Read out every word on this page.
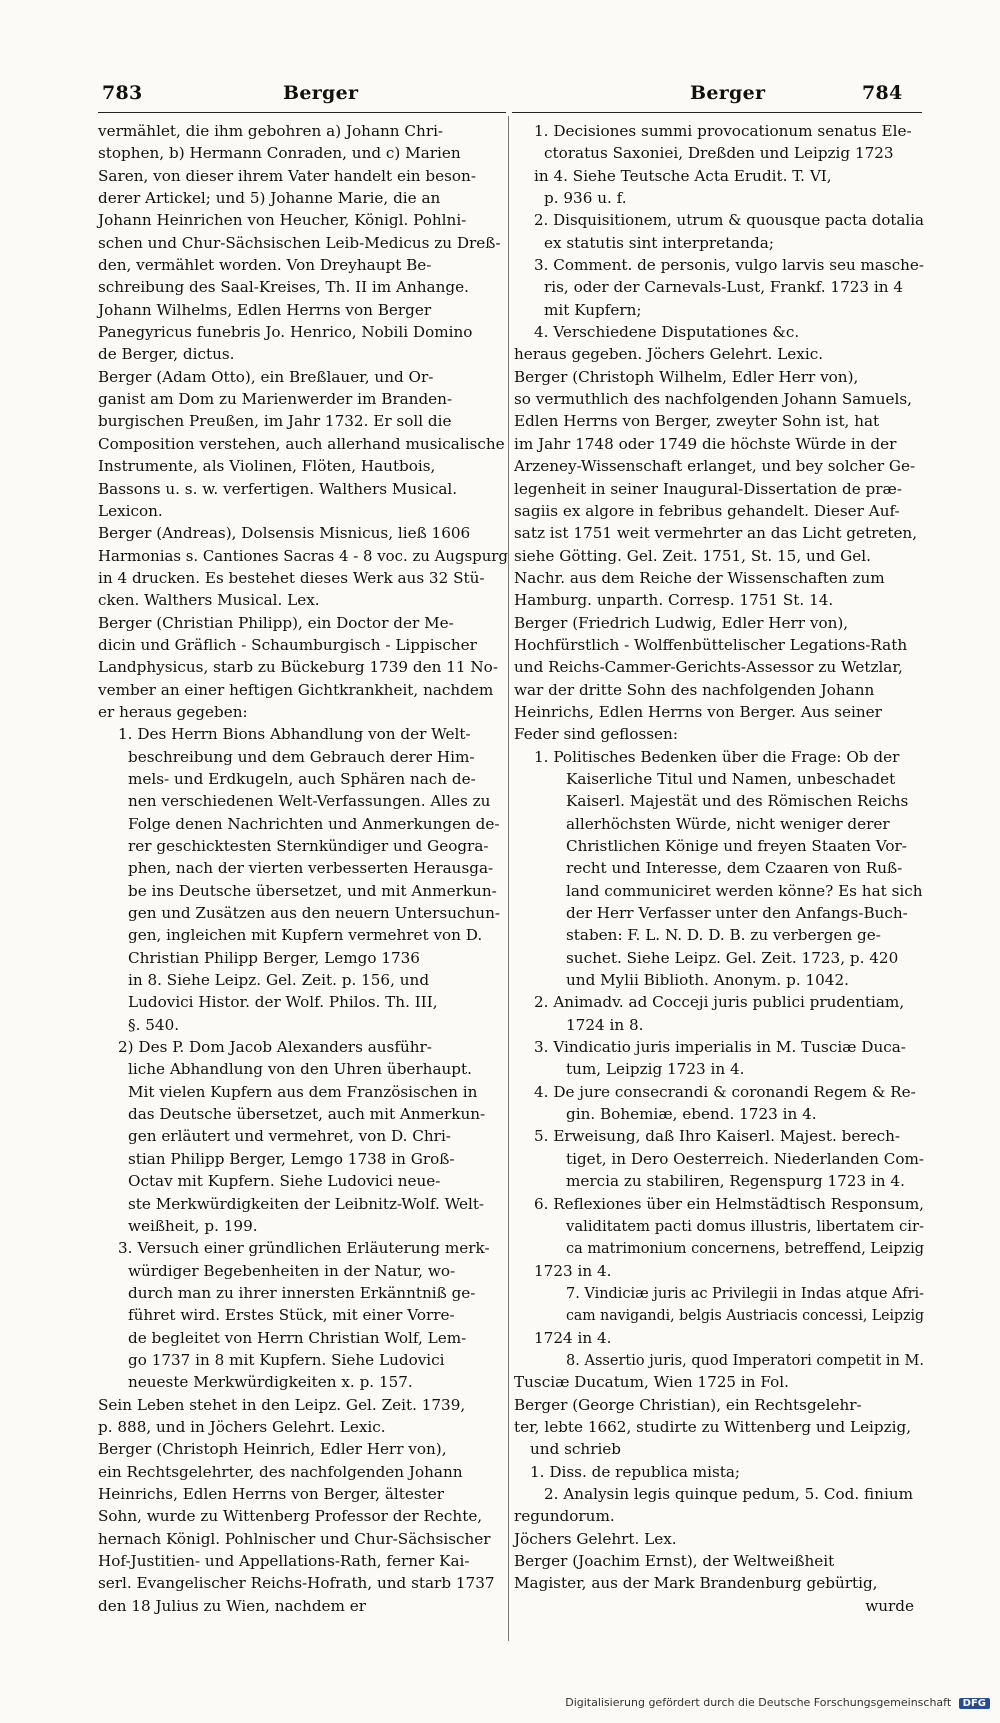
783	Berger	Berger	784
vermählet, die ihm gebohren a) Johann Chri-
stophen, b) Hermann Conraden, und c) Marien
Saren, von dieser ihrem Vater handelt ein beson-
derer Artickel; und 5) Johanne Marie, die an
Johann Heinrichen von Heucher, Königl. Pohlni-
schen und Chur-Sächsischen Leib-Medicus zu Dreß-
den, vermählet worden. Von Dreyhaupt Be-
schreibung des Saal-Kreises, Th. II im Anhange.
Johann Wilhelms, Edlen Herrns von Berger
Panegyricus funebris Jo. Henrico, Nobili Domino
de Berger, dictus.
Berger (Adam Otto), ein Breßlauer, und Or-
ganist am Dom zu Marienwerder im Branden-
burgischen Preußen, im Jahr 1732. Er soll die
Composition verstehen, auch allerhand musicalische
Instrumente, als Violinen, Flöten, Hautbois,
Bassons u. s. w. verfertigen. Walthers Musical.
Lexicon.
Berger (Andreas), Dolsensis Misnicus, ließ 1606
Harmonias s. Cantiones Sacras 4 - 8 voc. zu Augspurg
in 4 drucken. Es bestehet dieses Werk aus 32 Stü-
cken. Walthers Musical. Lex.
Berger (Christian Philipp), ein Doctor der Me-
dicin und Gräflich - Schaumburgisch - Lippischer
Landphysicus, starb zu Bückeburg 1739 den 11 No-
vember an einer heftigen Gichtkrankheit, nachdem
er heraus gegeben:
1. Des Herrn Bions Abhandlung von der Welt-
beschreibung und dem Gebrauch derer Him-
mels- und Erdkugeln, auch Sphären nach de-
nen verschiedenen Welt-Verfassungen. Alles zu
Folge denen Nachrichten und Anmerkungen de-
rer geschicktesten Sternkündiger und Geogra-
phen, nach der vierten verbesserten Herausga-
be ins Deutsche übersetzet, und mit Anmerkun-
gen und Zusätzen aus den neuern Untersuchun-
gen, ingleichen mit Kupfern vermehret von D.
Christian Philipp Berger, Lemgo 1736
in 8. Siehe Leipz. Gel. Zeit. p. 156, und
Ludovici Histor. der Wolf. Philos. Th. III,
§. 540.
2) Des P. Dom Jacob Alexanders ausführ-
liche Abhandlung von den Uhren überhaupt.
Mit vielen Kupfern aus dem Französischen in
das Deutsche übersetzet, auch mit Anmerkun-
gen erläutert und vermehret, von D. Chri-
stian Philipp Berger, Lemgo 1738 in Groß-
Octav mit Kupfern. Siehe Ludovici neue-
ste Merkwürdigkeiten der Leibnitz-Wolf. Welt-
weißheit, p. 199.
3. Versuch einer gründlichen Erläuterung merk-
würdiger Begebenheiten in der Natur, wo-
durch man zu ihrer innersten Erkänntniß ge-
führet wird. Erstes Stück, mit einer Vorre-
de begleitet von Herrn Christian Wolf, Lem-
go 1737 in 8 mit Kupfern. Siehe Ludovici
neueste Merkwürdigkeiten x. p. 157.
Sein Leben stehet in den Leipz. Gel. Zeit. 1739,
p. 888, und in Jöchers Gelehrt. Lexic.
Berger (Christoph Heinrich, Edler Herr von),
ein Rechtsgelehrter, des nachfolgenden Johann
Heinrichs, Edlen Herrns von Berger, ältester
Sohn, wurde zu Wittenberg Professor der Rechte,
hernach Königl. Pohlnischer und Chur-Sächsischer
Hof-Justitien- und Appellations-Rath, ferner Kai-
serl. Evangelischer Reichs-Hofrath, und starb 1737
den 18 Julius zu Wien, nachdem er
1. Decisiones summi provocationum senatus Ele-
ctoratus Saxoniei, Dreßden und Leipzig 1723
in 4. Siehe Teutsche Acta Erudit. T. VI,
p. 936 u. f.
2. Disquisitionem, utrum & quousque pacta dotalia
ex statutis sint interpretanda;
3. Comment. de personis, vulgo larvis seu masche-
ris, oder der Carnevals-Lust, Frankf. 1723 in 4
mit Kupfern;
4. Verschiedene Disputationes &c.
heraus gegeben. Jöchers Gelehrt. Lexic.
Berger (Christoph Wilhelm, Edler Herr von),
so vermuthlich des nachfolgenden Johann Samuels,
Edlen Herrns von Berger, zweyter Sohn ist, hat
im Jahr 1748 oder 1749 die höchste Würde in der
Arzeney-Wissenschaft erlanget, und bey solcher Ge-
legenheit in seiner Inaugural-Dissertation de præ-
sagiis ex algore in febribus gehandelt. Dieser Auf-
satz ist 1751 weit vermehrter an das Licht getreten,
siehe Götting. Gel. Zeit. 1751, St. 15, und Gel.
Nachr. aus dem Reiche der Wissenschaften zum
Hamburg. unparth. Corresp. 1751 St. 14.
Berger (Friedrich Ludwig, Edler Herr von),
Hochfürstlich - Wolffenbüttelischer Legations-Rath
und Reichs-Cammer-Gerichts-Assessor zu Wetzlar,
war der dritte Sohn des nachfolgenden Johann
Heinrichs, Edlen Herrns von Berger. Aus seiner
Feder sind geflossen:
1. Politisches Bedenken über die Frage: Ob der
Kaiserliche Titul und Namen, unbeschadet
Kaiserl. Majestät und des Römischen Reichs
allerhöchsten Würde, nicht weniger derer
Christlichen Könige und freyen Staaten Vor-
recht und Interesse, dem Czaaren von Ruß-
land communiciret werden könne? Es hat sich
der Herr Verfasser unter den Anfangs-Buch-
staben: F. L. N. D. D. B. zu verbergen ge-
suchet. Siehe Leipz. Gel. Zeit. 1723, p. 420
und Mylii Biblioth. Anonym. p. 1042.
2. Animadv. ad Cocceji juris publici prudentiam,
1724 in 8.
3. Vindicatio juris imperialis in M. Tusciæ Duca-
tum, Leipzig 1723 in 4.
4. De jure consecrandi & coronandi Regem & Re-
gin. Bohemiæ, ebend. 1723 in 4.
5. Erweisung, daß Ihro Kaiserl. Majest. berech-
tiget, in Dero Oesterreich. Niederlanden Com-
mercia zu stabiliren, Regenspurg 1723 in 4.
6. Reflexiones über ein Helmstädtisch Responsum,
validitatem pacti domus illustris, libertatem cir-
ca matrimonium concernens, betreffend, Leipzig
1723 in 4.
7. Vindiciæ juris ac Privilegii in Indas atque Afri-
cam navigandi, belgis Austriacis concessi, Leipzig
1724 in 4.
8. Assertio juris, quod Imperatori competit in M.
Tusciæ Ducatum, Wien 1725 in Fol.
Berger (George Christian), ein Rechtsgelehr-
ter, lebte 1662, studirte zu Wittenberg und Leipzig,
und schrieb
1. Diss. de republica mista;
2. Analysin legis quinque pedum, 5. Cod. finium
regundorum.
Jöchers Gelehrt. Lex.
Berger (Joachim Ernst), der Weltweißheit
Magister, aus der Mark Brandenburg gebürtig,
wurde
Digitalisierung gefördert durch die Deutsche Forschungsgemeinschaft DFG
